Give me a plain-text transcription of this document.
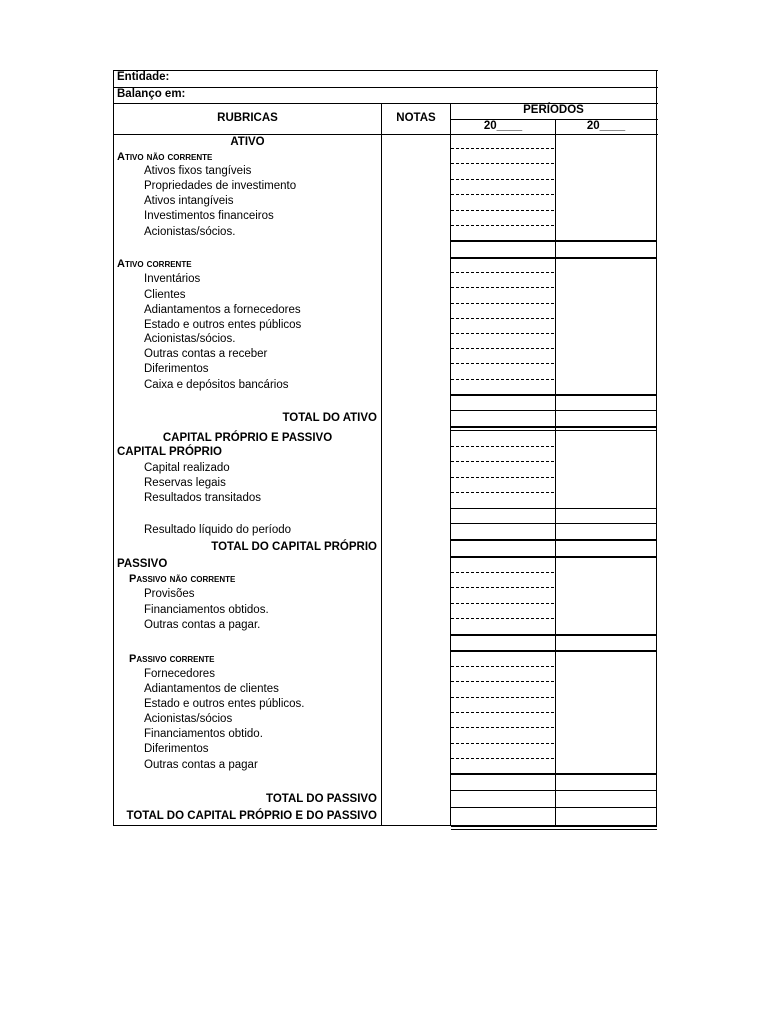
Entidade:
Balanço em:
RUBRICAS	NOTAS
PERÍODOS
20____	20____
ATIVO
Ativo não corrente
Ativos fixos tangíveis
Propriedades de investimento
Ativos intangíveis
Investimentos financeiros
Acionistas/sócios.
Ativo corrente
Inventários
Clientes
Adiantamentos a fornecedores
Estado e outros entes públicos
Acionistas/sócios.
Outras contas a receber
Diferimentos
Caixa e depósitos bancários
TOTAL DO ATIVO
CAPITAL PRÓPRIO E PASSIVO
CAPITAL PRÓPRIO
Capital realizado
Reservas legais
Resultados transitados
Resultado líquido do período
TOTAL DO CAPITAL PRÓPRIO
PASSIVO
Passivo não corrente
Provisões
Financiamentos obtidos.
Outras contas a pagar.
Passivo corrente
Fornecedores
Adiantamentos de clientes
Estado e outros entes públicos.
Acionistas/sócios
Financiamentos obtido.
Diferimentos
Outras contas a pagar
TOTAL DO PASSIVO
TOTAL DO CAPITAL PRÓPRIO E DO PASSIVO
